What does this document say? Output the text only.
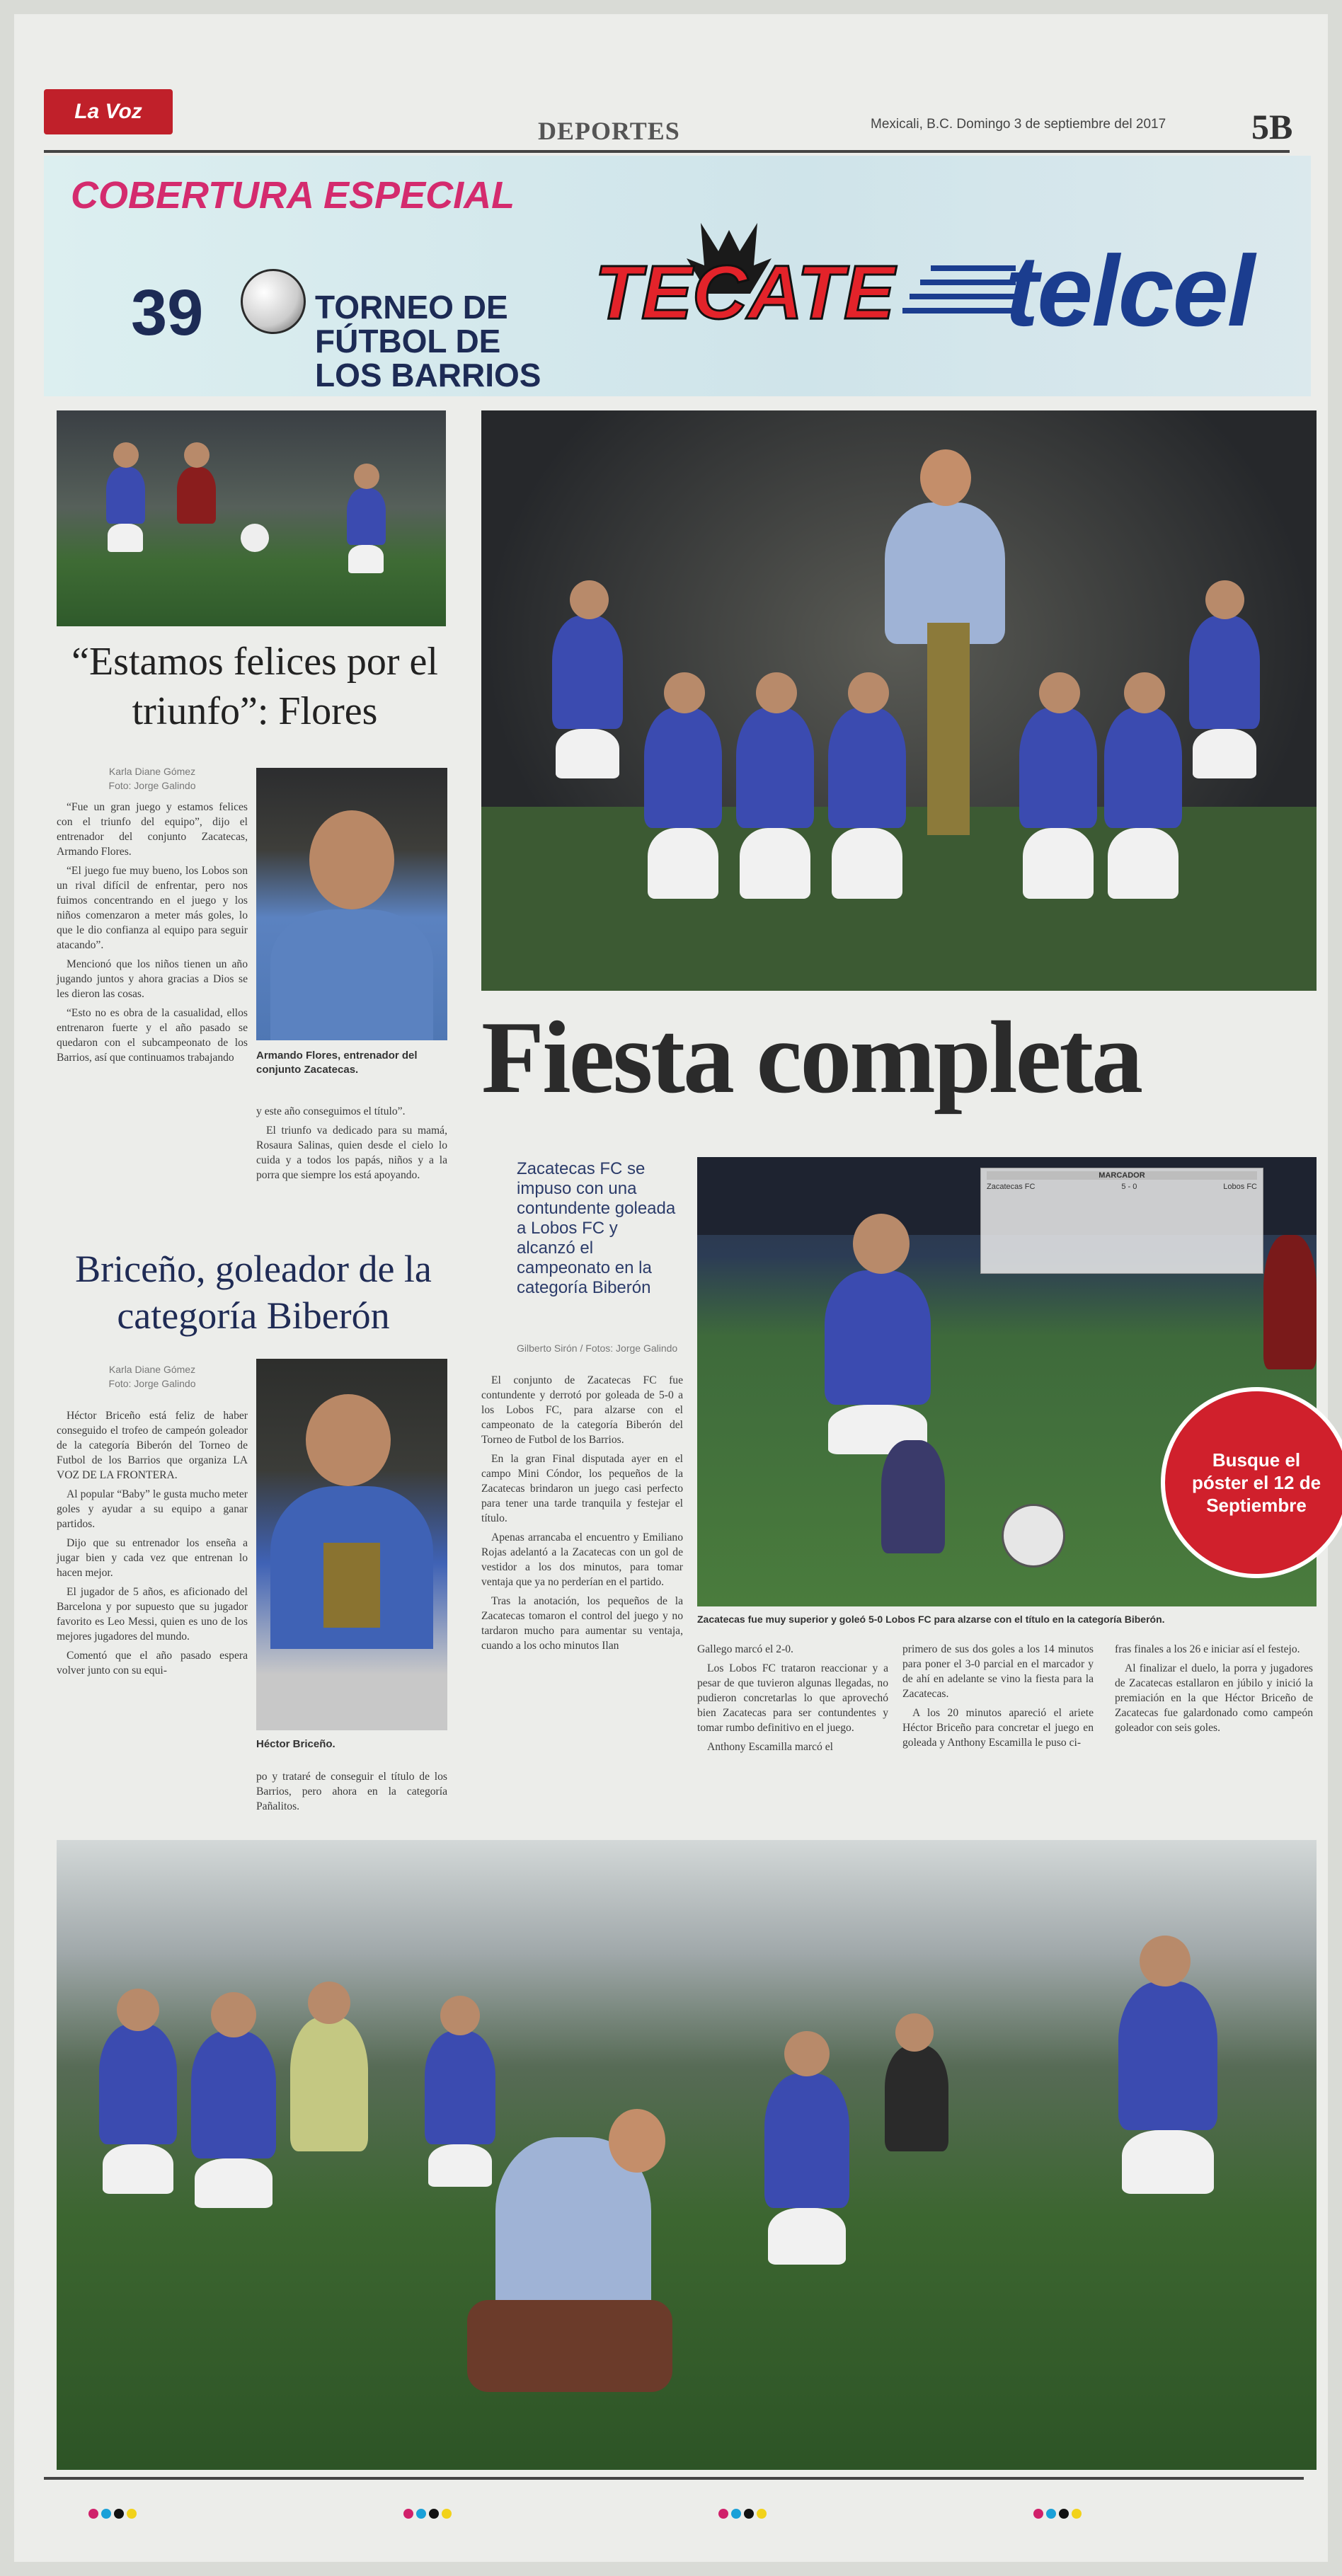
La Voz
DEPORTES	Mexicali, B.C. Domingo 3 de septiembre del 2017 5B
COBERTURA ESPECIAL
39	TORNEO DE FÚTBOL DE LOS BARRIOS
TECATE telcel
“Estamos felices por el triunfo”: Flores
Karla Diane Gómez
Foto: Jorge Galindo

“Fue un gran juego y estamos felices con el triunfo del equipo”, dijo el entrenador del conjunto Zacatecas, Armando Flores.

“El juego fue muy bueno, los Lobos son un rival difícil de enfrentar, pero nos fuimos concentrando en el juego y los niños comenzaron a meter más goles, lo que le dio confianza al equipo para seguir atacando”.

Mencionó que los niños tienen un año jugando juntos y ahora gracias a Dios se les dieron las cosas.

“Esto no es obra de la casualidad, ellos entrenaron fuerte y el año pasado se quedaron con el subcampeonato de los Barrios, así que continuamos trabajando	Armando Flores, entrenador del conjunto Zacatecas.

y este año conseguimos el título”.

El triunfo va dedicado para su mamá, Rosaura Salinas, quien desde el cielo lo cuida y a todos los papás, niños y a la porra que siempre los está apoyando.

Fiesta completa
Zacatecas FC se impuso con una contundente goleada a Lobos FC y alcanzó el campeonato en la categoría Biberón
Gilberto Sirón / Fotos: Jorge Galindo
MARCADOR
Zacatecas FC	5 - 0	Lobos FC
Busque el póster el 12 de Septiembre
Zacatecas fue muy superior y goleó 5-0 Lobos FC para alzarse con el título en la categoría Biberón.

El conjunto de Zacatecas FC fue contundente y derrotó por goleada de 5-0 a los Lobos FC, para alzarse con el campeonato de la categoría Biberón del Torneo de Futbol de los Barrios.

En la gran Final disputada ayer en el campo Mini Cóndor, los pequeños de la Zacatecas brindaron un juego casi perfecto para tener una tarde tranquila y festejar el título.

Apenas arrancaba el encuentro y Emiliano Rojas adelantó a la Zacatecas con un gol de vestidor a los dos minutos, para tomar ventaja que ya no perderían en el partido.

Tras la anotación, los pequeños de la Zacatecas tomaron el control del juego y no tardaron mucho para aumentar su ventaja, cuando a los ocho minutos Ilan	Gallego marcó el 2-0.

Los Lobos FC trataron reaccionar y a pesar de que tuvieron algunas llegadas, no pudieron concretarlas lo que aprovechó bien Zacatecas para ser contundentes y tomar rumbo definitivo en el juego.

Anthony Escamilla marcó el

primero de sus dos goles a los 14 minutos para poner el 3-0 parcial en el marcador y de ahí en adelante se vino la fiesta para la Zacatecas.

A los 20 minutos apareció el ariete Héctor Briceño para concretar el juego en goleada y Anthony Escamilla le puso ci-

fras finales a los 26 e iniciar así el festejo.

Al finalizar el duelo, la porra y jugadores de Zacatecas estallaron en júbilo y inició la premiación en la que Héctor Briceño de Zacatecas fue galardonado como campeón goleador con seis goles.

Briceño, goleador de la categoría Biberón
Karla Diane Gómez
Foto: Jorge Galindo

Héctor Briceño está feliz de haber conseguido el trofeo de campeón goleador de la categoría Biberón del Torneo de Futbol de los Barrios que organiza LA VOZ DE LA FRONTERA.

Al popular “Baby” le gusta mucho meter goles y ayudar a su equipo a ganar partidos.

Dijo que su entrenador los enseña a jugar bien y cada vez que entrenan lo hacen mejor.

El jugador de 5 años, es aficionado del Barcelona y por supuesto que su jugador favorito es Leo Messi, quien es uno de los mejores jugadores del mundo.

Comentó que el año pasado espera volver junto con su equi-

Héctor Briceño.

po y trataré de conseguir el título de los Barrios, pero ahora en la categoría Pañalitos.
